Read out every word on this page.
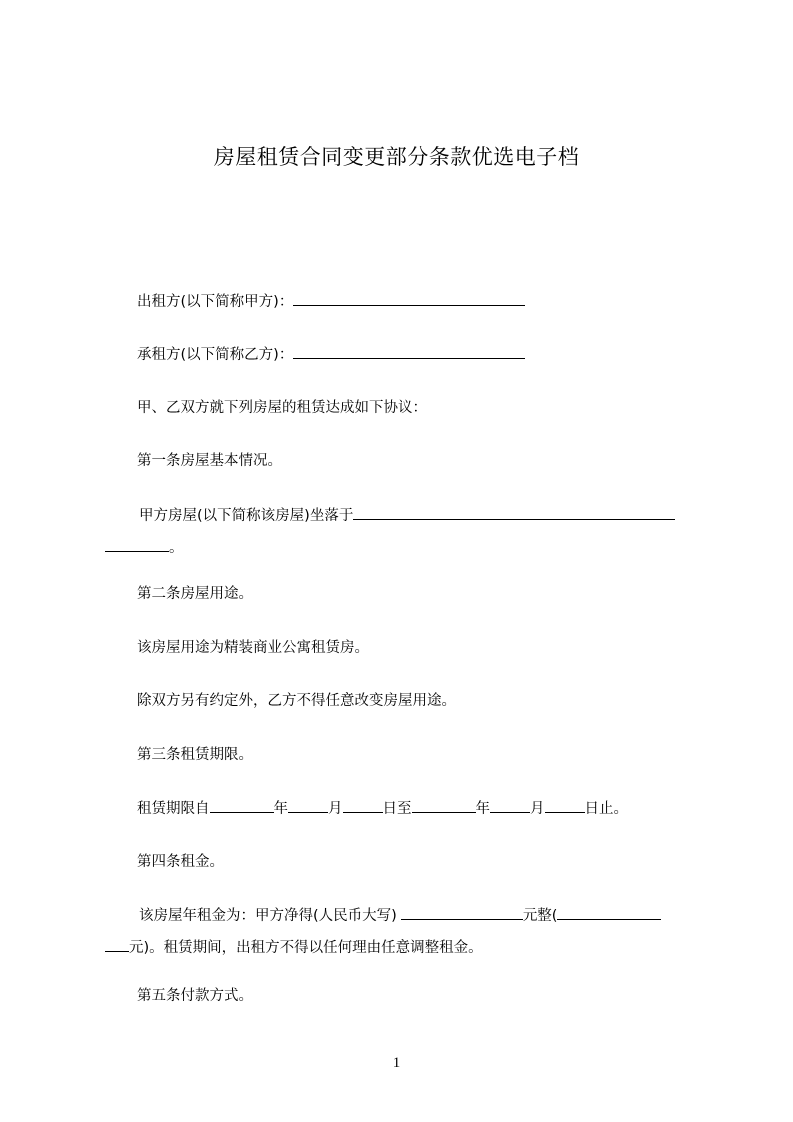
房屋租赁合同变更部分条款优选电子档
出租方(以下简称甲方)：
承租方(以下简称乙方)：
甲、乙双方就下列房屋的租赁达成如下协议：
第一条房屋基本情况。
甲方房屋(以下简称该房屋)坐落于
。
第二条房屋用途。
该房屋用途为精装商业公寓租赁房。
除双方另有约定外，乙方不得任意改变房屋用途。
第三条租赁期限。
租赁期限自	年	月	日至	年	月	日止。
第四条租金。
该房屋年租金为：甲方净得(人民币大写)	元整(
元)。租赁期间，出租方不得以任何理由任意调整租金。
第五条付款方式。
1
